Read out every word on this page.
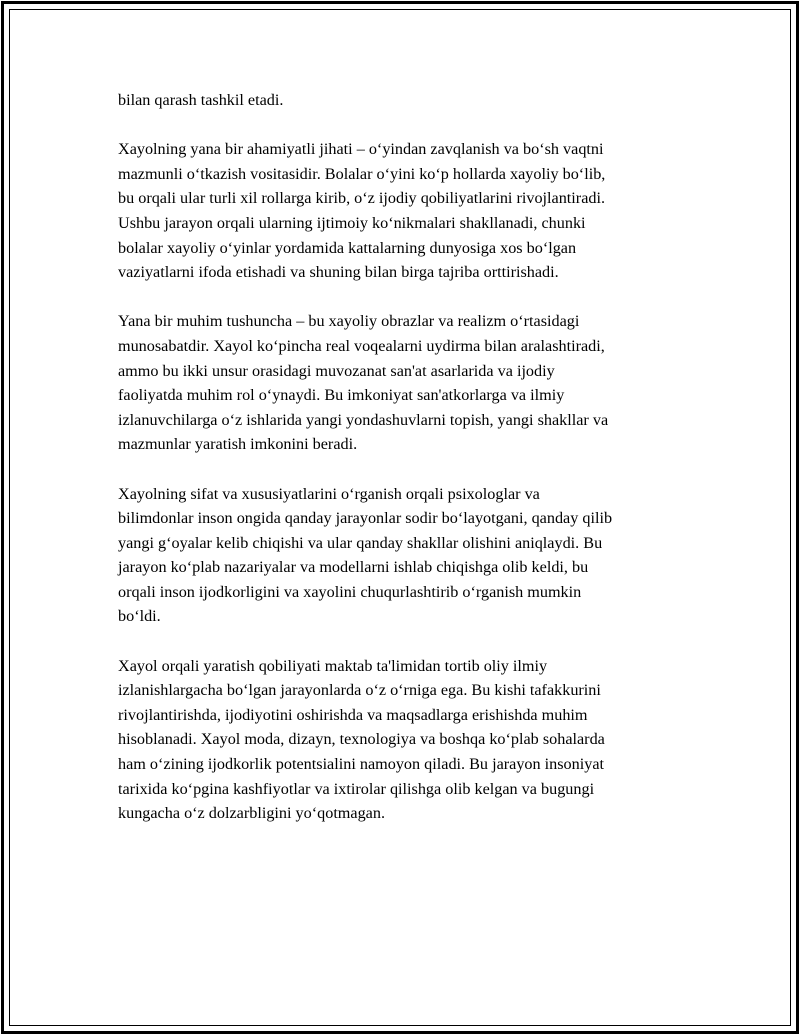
bilan qarash tashkil etadi.

Xayolning yana bir ahamiyatli jihati – o‘yindan zavqlanish va bo‘sh vaqtni
mazmunli o‘tkazish vositasidir. Bolalar o‘yini ko‘p hollarda xayoliy bo‘lib,
bu orqali ular turli xil rollarga kirib, o‘z ijodiy qobiliyatlarini rivojlantiradi.
Ushbu jarayon orqali ularning ijtimoiy ko‘nikmalari shakllanadi, chunki
bolalar xayoliy o‘yinlar yordamida kattalarning dunyosiga xos bo‘lgan
vaziyatlarni ifoda etishadi va shuning bilan birga tajriba orttirishadi.

Yana bir muhim tushuncha – bu xayoliy obrazlar va realizm o‘rtasidagi
munosabatdir. Xayol ko‘pincha real voqealarni uydirma bilan aralashtiradi,
ammo bu ikki unsur orasidagi muvozanat san'at asarlarida va ijodiy
faoliyatda muhim rol o‘ynaydi. Bu imkoniyat san'atkorlarga va ilmiy
izlanuvchilarga o‘z ishlarida yangi yondashuvlarni topish, yangi shakllar va
mazmunlar yaratish imkonini beradi.

Xayolning sifat va xususiyatlarini o‘rganish orqali psixologlar va
bilimdonlar inson ongida qanday jarayonlar sodir bo‘layotgani, qanday qilib
yangi g‘oyalar kelib chiqishi va ular qanday shakllar olishini aniqlaydi. Bu
jarayon ko‘plab nazariyalar va modellarni ishlab chiqishga olib keldi, bu
orqali inson ijodkorligini va xayolini chuqurlashtirib o‘rganish mumkin
bo‘ldi.

Xayol orqali yaratish qobiliyati maktab ta'limidan tortib oliy ilmiy
izlanishlargacha bo‘lgan jarayonlarda o‘z o‘rniga ega. Bu kishi tafakkurini
rivojlantirishda, ijodiyotini oshirishda va maqsadlarga erishishda muhim
hisoblanadi. Xayol moda, dizayn, texnologiya va boshqa ko‘plab sohalarda
ham o‘zining ijodkorlik potentsialini namoyon qiladi. Bu jarayon insoniyat
tarixida ko‘pgina kashfiyotlar va ixtirolar qilishga olib kelgan va bugungi
kungacha o‘z dolzarbligini yo‘qotmagan.
